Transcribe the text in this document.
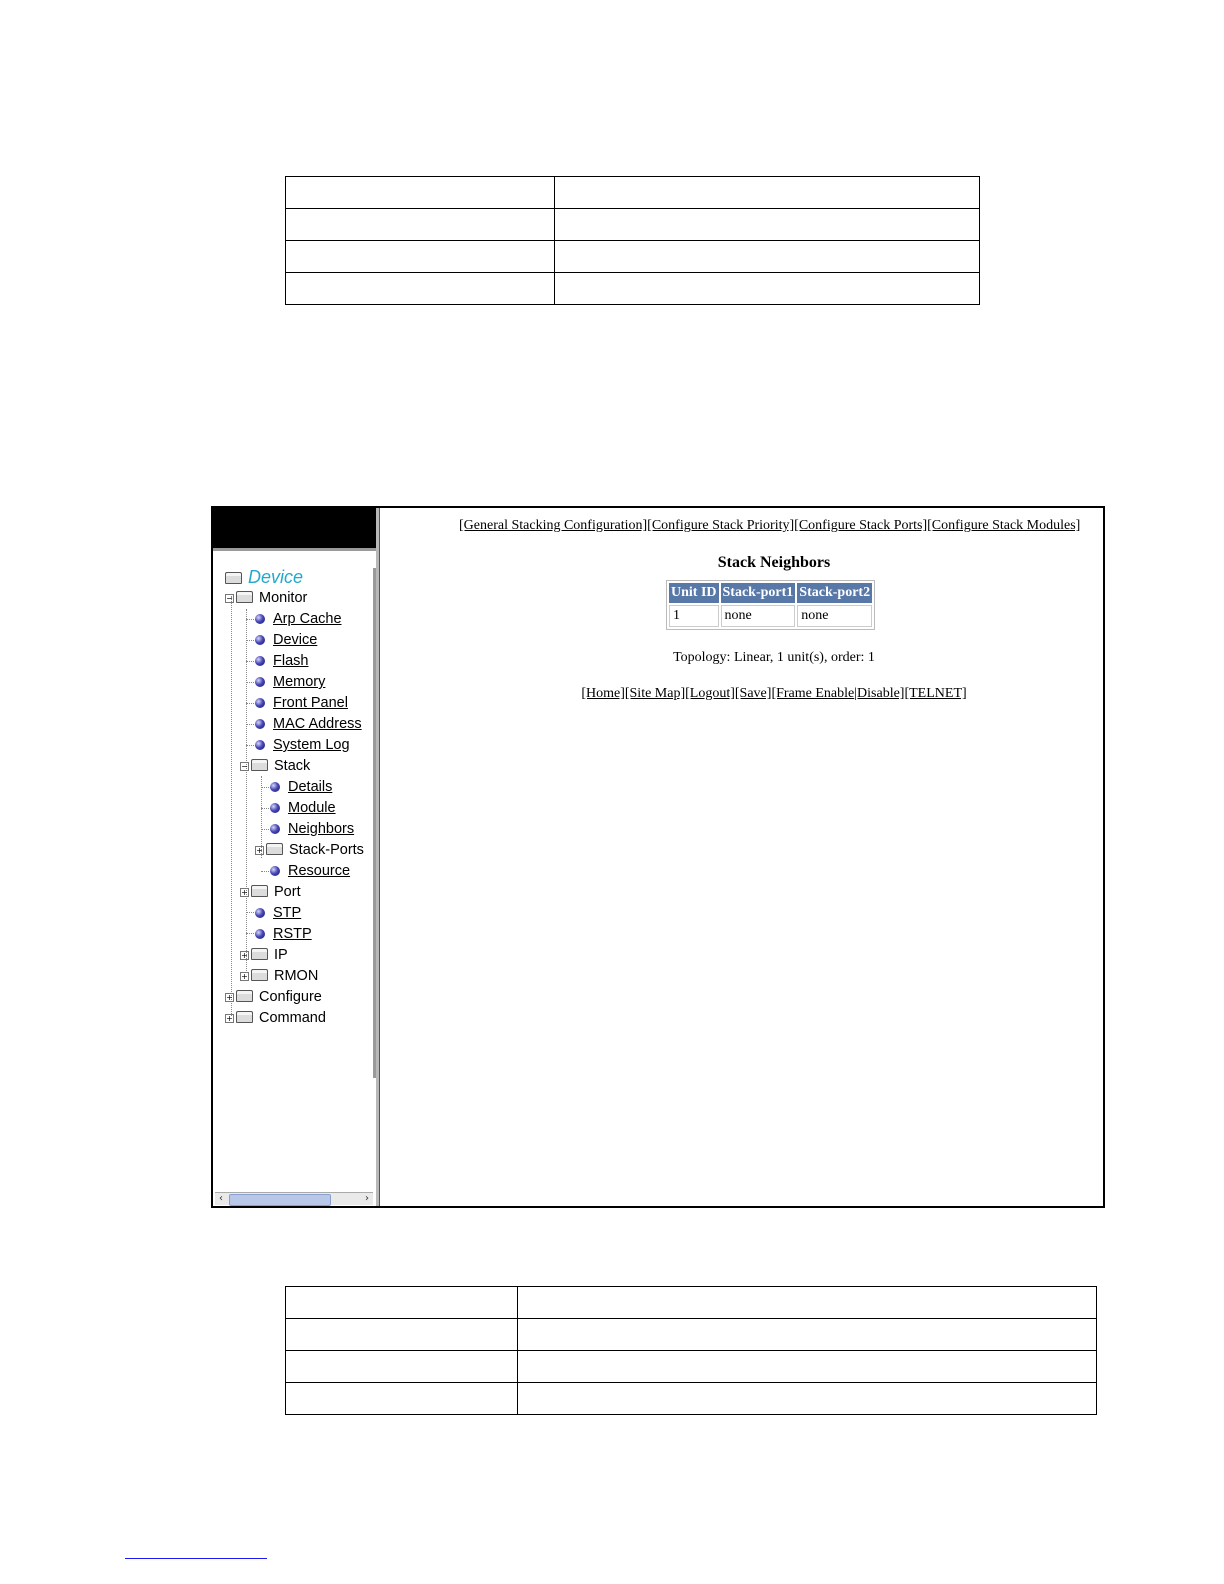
Device
− Monitor
Arp Cache
Device
Flash
Memory
Front Panel
MAC Address
System Log
− Stack
Details
Module
Neighbors
+ Stack-Ports
Resource
+ Port
STP
RSTP
+ IP
+ RMON
+ Configure
+ Command
‹	›
[General Stacking Configuration][Configure Stack Priority][Configure Stack Ports][Configure Stack Modules]
Stack Neighbors
Unit ID	Stack-port1	Stack-port2
1	none	none
Topology: Linear, 1 unit(s), order: 1
[Home][Site Map][Logout][Save][Frame Enable|Disable][TELNET]
